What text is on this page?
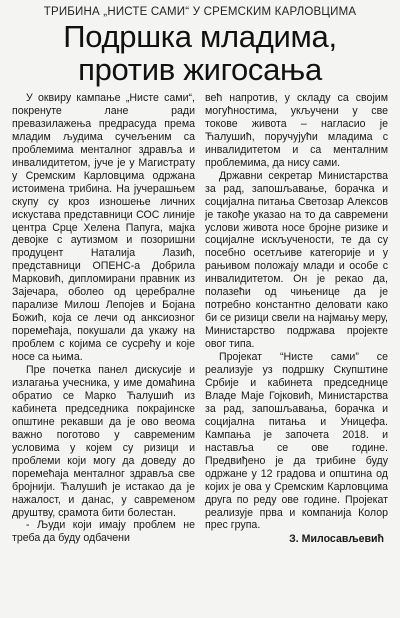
ТРИБИНА „НИСТЕ САМИ“ У СРЕМСКИМ КАРЛОВЦИМА
Подршка младима,
против жигосања

У оквиру кампање „Нисте сами“, покренуте лане ради превазилажења предрасуда према младим људима сучељеним са проблемима менталног здравља и инвалидитетом, јуче је у Магистрату у Сремским Карловцима одржана истоимена трибина. На јучерашњем скупу су кроз изношење личних искустава представници СОС линије центра Срце Хелена Папуга, мајка девојке с аутизмом и позоришни продуцент Наталија Лазић, представници ОПЕНС-а Добрила Марковић, дипломирани правник из Зајечара, оболео од церебралне парализе Милош Лепојев и Бојана Божић, која се лечи од анксиозног поремећаја, покушали да укажу на проблем с којима се сусрећу и које носе са њима.

Пре почетка панел дискусије и излагања учесника, у име домаћина обратио се Марко Ћалушић из кабинета председника покрајинске општине рекавши да је ово веома важно поготово у савременим условима у којем су ризици и проблеми који могу да доведу до поремећаја менталног здравља све бројнији. Ћалушић је истакао да је нажалост, и данас, у савременом друштву, срамота бити болестан.

- Људи који имају проблем не треба да буду одбачени

већ напротив, у складу са својим могућностима, укључени у све токове живота – нагласио је Ћалушић, поручујући младима с инвалидитетом и са менталним проблемима, да нису сами.

Државни секретар Министарства за рад, запошљавање, борачка и социјална питања Светозар Алексов је такође указао на то да савремени услови живота носе бројне ризике и социјалне искључености, те да су посебно осетљиве категорије и у рањивом положају млади и особе с инвалидитетом. Он је рекао да, полазећи од чињенице да је потребно константно деловати како би се ризици свели на најмању меру, Министарство подржава пројекте овог типа.

Пројекат “Нисте сами” се реализује уз подршку Скупштине Србије и кабинета председнице Владе Маје Гојковић, Министарства за рад, запошљавања, борачка и социјална питања и Уницефа. Кампања је започета 2018. и наставља се ове године. Предвиђено је да трибине буду одржане у 12 градова и општина од којих је ова у Сремским Карловцима друга по реду ове године. Пројекат реализује прва и компанија Колор прес група.

З. Милосављевић
